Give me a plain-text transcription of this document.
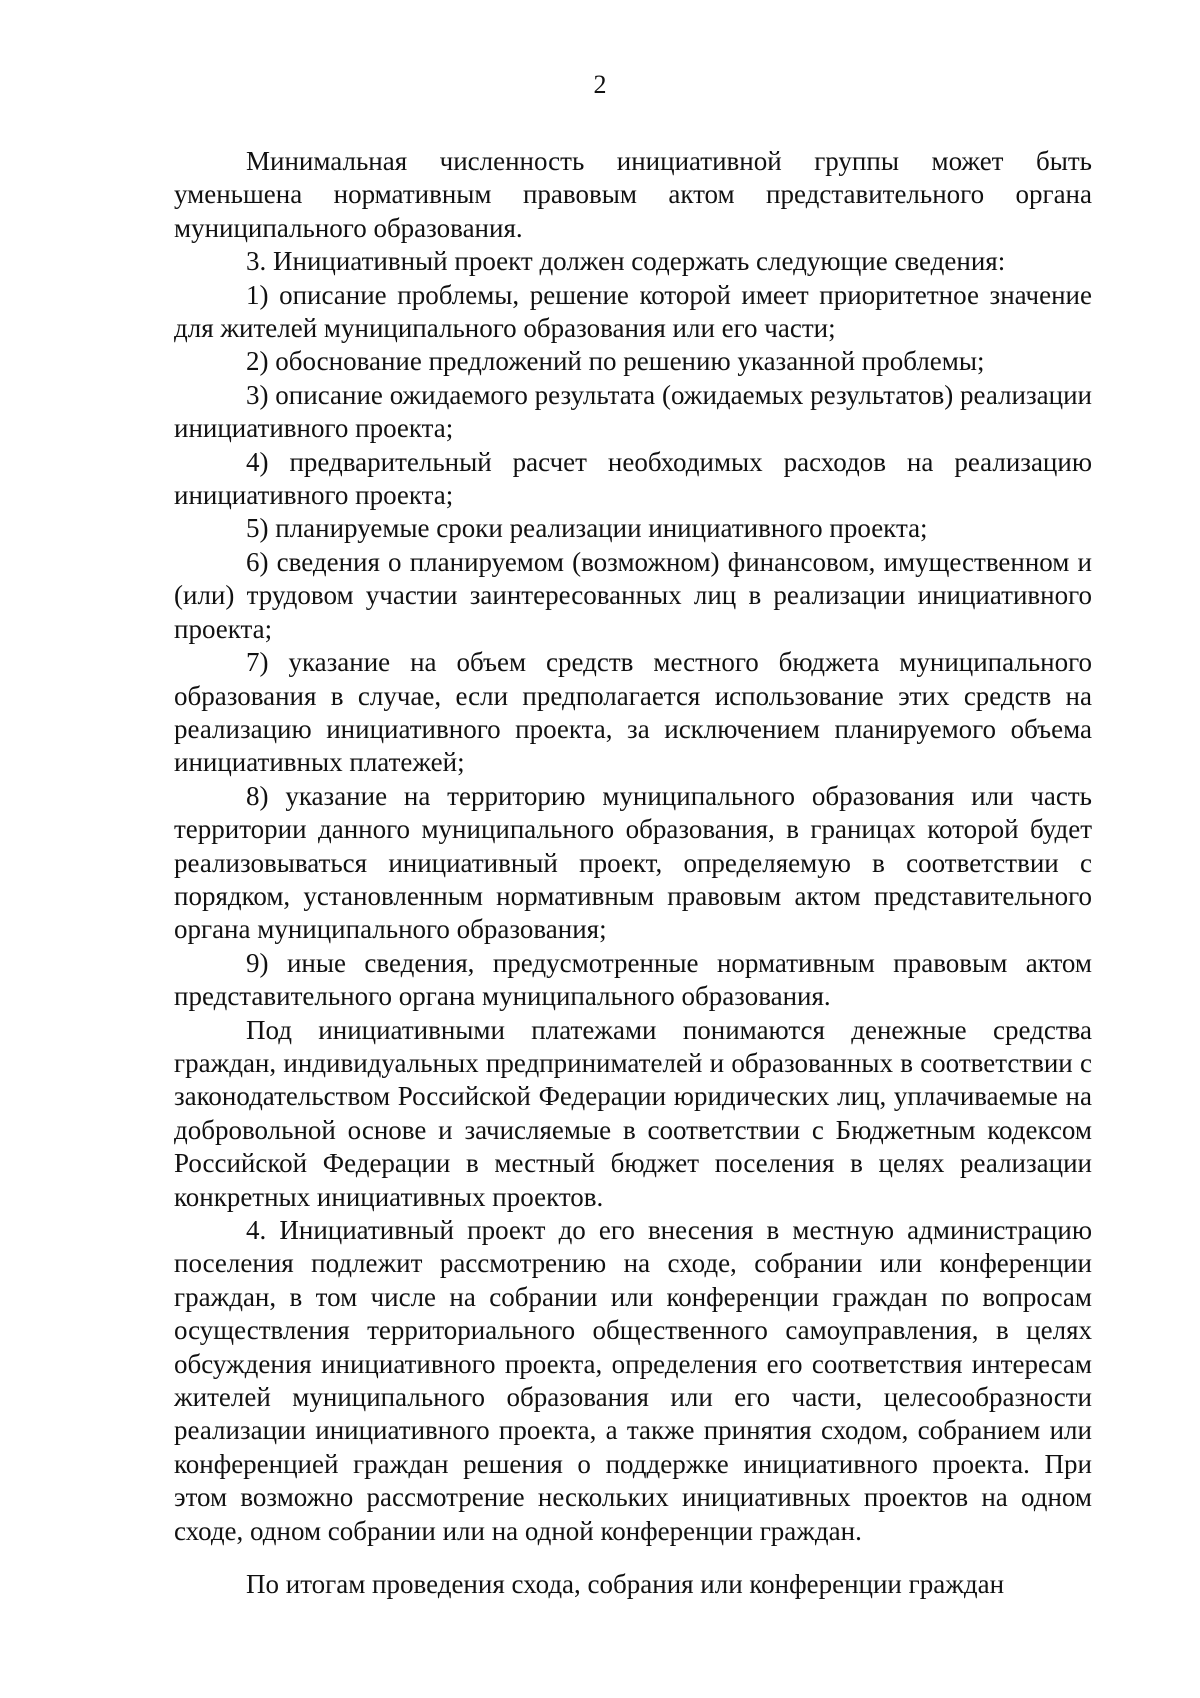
2

Минимальная численность инициативной группы может быть уменьшена нормативным правовым актом представительного органа муниципального образования.

3. Инициативный проект должен содержать следующие сведения:

1) описание проблемы, решение которой имеет приоритетное значение для жителей муниципального образования или его части;

2) обоснование предложений по решению указанной проблемы;

3) описание ожидаемого результата (ожидаемых результатов) реализации инициативного проекта;

4) предварительный расчет необходимых расходов на реализацию инициативного проекта;

5) планируемые сроки реализации инициативного проекта;

6) сведения о планируемом (возможном) финансовом, имущественном и (или) трудовом участии заинтересованных лиц в реализации инициативного проекта;

7) указание на объем средств местного бюджета муниципального образования в случае, если предполагается использование этих средств на реализацию инициативного проекта, за исключением планируемого объема инициативных платежей;

8) указание на территорию муниципального образования или часть территории данного муниципального образования, в границах которой будет реализовываться инициативный проект, определяемую в соответствии с порядком, установленным нормативным правовым актом представительного органа муниципального образования;

9) иные сведения, предусмотренные нормативным правовым актом представительного органа муниципального образования.

Под инициативными платежами понимаются денежные средства граждан, индивидуальных предпринимателей и образованных в соответствии с законодательством Российской Федерации юридических лиц, уплачиваемые на добровольной основе и зачисляемые в соответствии с Бюджетным кодексом Российской Федерации в местный бюджет поселения в целях реализации конкретных инициативных проектов.

4. Инициативный проект до его внесения в местную администрацию поселения подлежит рассмотрению на сходе, собрании или конференции граждан, в том числе на собрании или конференции граждан по вопросам осуществления территориального общественного самоуправления, в целях обсуждения инициативного проекта, определения его соответствия интересам жителей муниципального образования или его части, целесообразности реализации инициативного проекта, а также принятия сходом, собранием или конференцией граждан решения о поддержке инициативного проекта. При этом возможно рассмотрение нескольких инициативных проектов на одном сходе, одном собрании или на одной конференции граждан.

По итогам проведения схода, собрания или конференции граждан
